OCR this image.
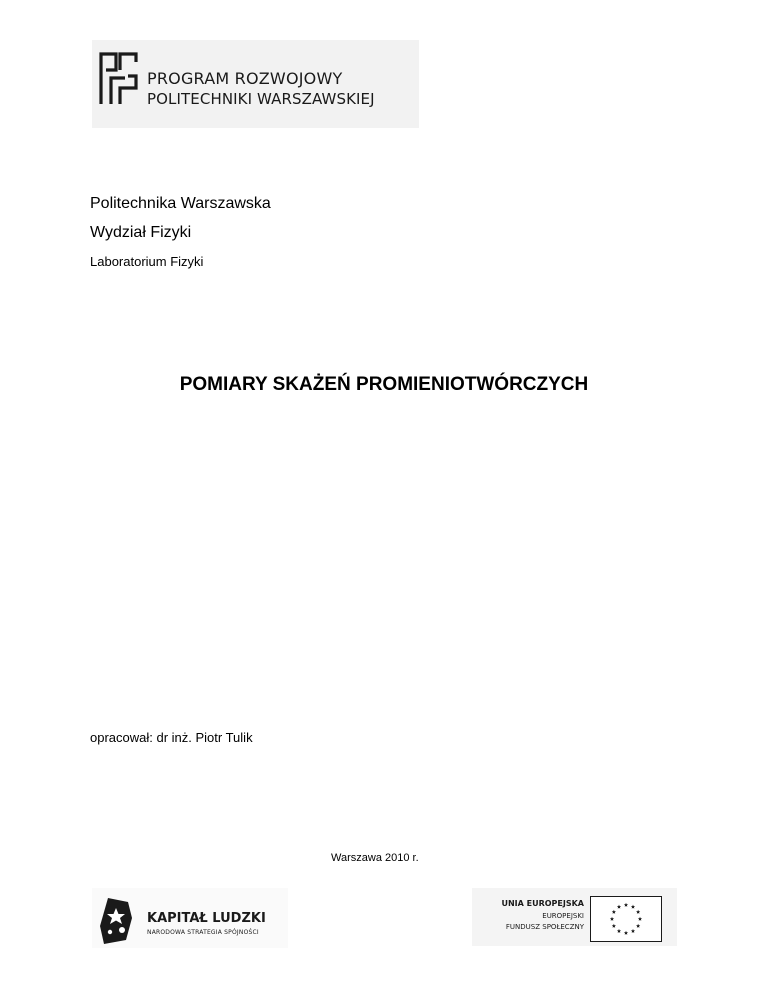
PROGRAM ROZWOJOWY
POLITECHNIKI WARSZAWSKIEJ
Politechnika Warszawska
Wydział Fizyki
Laboratorium Fizyki
POMIARY SKAŻEŃ PROMIENIOTWÓRCZYCH
opracował: dr inż. Piotr Tulik
Warszawa 2010 r.
KAPITAŁ LUDZKI
NARODOWA STRATEGIA SPÓJNOŚCI
UNIA EUROPEJSKA
EUROPEJSKI
FUNDUSZ SPOŁECZNY
